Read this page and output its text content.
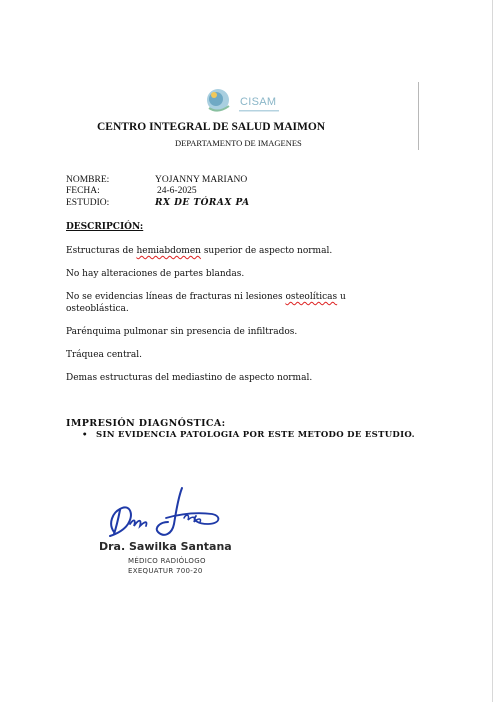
CISAM
CENTRO INTEGRAL DE SALUD MAIMON
DEPARTAMENTO DE IMAGENES
NOMBRE:	YOJANNY MARIANO
FECHA:	24-6-2025
ESTUDIO:	RX DE TÓRAX PA
DESCRIPCIÓN:
Estructuras de hemiabdomen superior de aspecto normal.
No hay alteraciones de partes blandas.
No se evidencias líneas de fracturas ni lesiones osteolíticas u osteoblástica.
Parénquima pulmonar sin presencia de infiltrados.
Tráquea central.
Demas estructuras del mediastino de aspecto normal.
IMPRESIÓN DIAGNÓSTICA:
• SIN EVIDENCIA PATOLOGIA POR ESTE METODO DE ESTUDIO.
Dra. Sawilka Santana
MÉDICO RADIÓLOGO
EXEQUATUR 700-20
